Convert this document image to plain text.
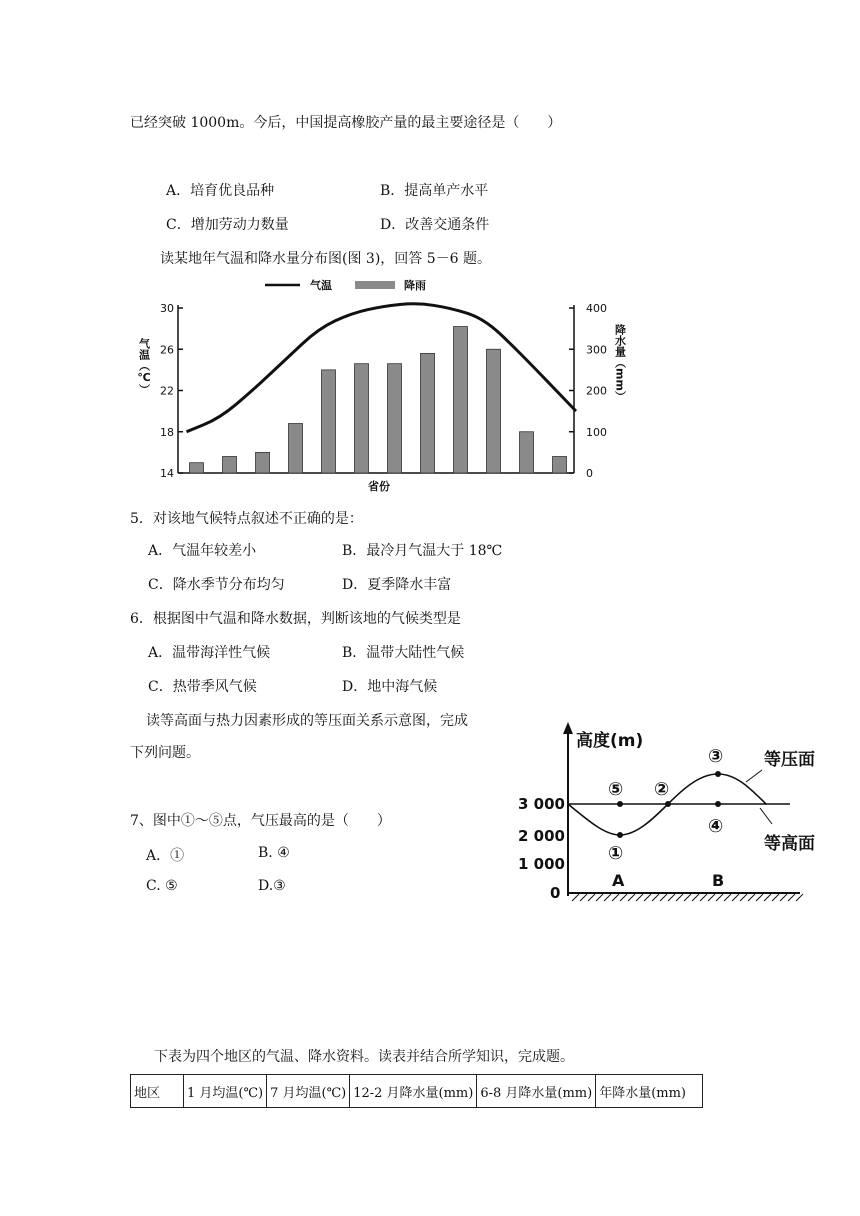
已经突破 1000m。今后，中国提高橡胶产量的最主要途径是（　　）
A．培育优良品种	B．提高单产水平
C．增加劳动力数量	D．改善交通条件
读某地年气温和降水量分布图(图 3)，回答 5－6 题。
气温	降雨
14
18
22
26
30
0
100
200
300
400
气温（℃）	降水量（mm）
省份
5．对该地气候特点叙述不正确的是：
A．气温年较差小	B．最冷月气温大于 18℃
C．降水季节分布均匀	D．夏季降水丰富
6．根据图中气温和降水数据，判断该地的气候类型是
A．温带海洋性气候	B．温带大陆性气候
C．热带季风气候	D．地中海气候
读等高面与热力因素形成的等压面关系示意图，完成
下列问题。
7、图中①～⑤点，气压最高的是（　　）
A．①	B. ④
C. ⑤	D.③
高度(m)
3 000
2 000
1 000
0
等压面
等高面
①
②
③
④
⑤
A	B
下表为四个地区的气温、降水资料。读表并结合所学知识，完成题。
地区	1 月均温(℃)	7 月均温(℃)	12-2 月降水量(mm)	6-8 月降水量(mm)	年降水量(mm)
